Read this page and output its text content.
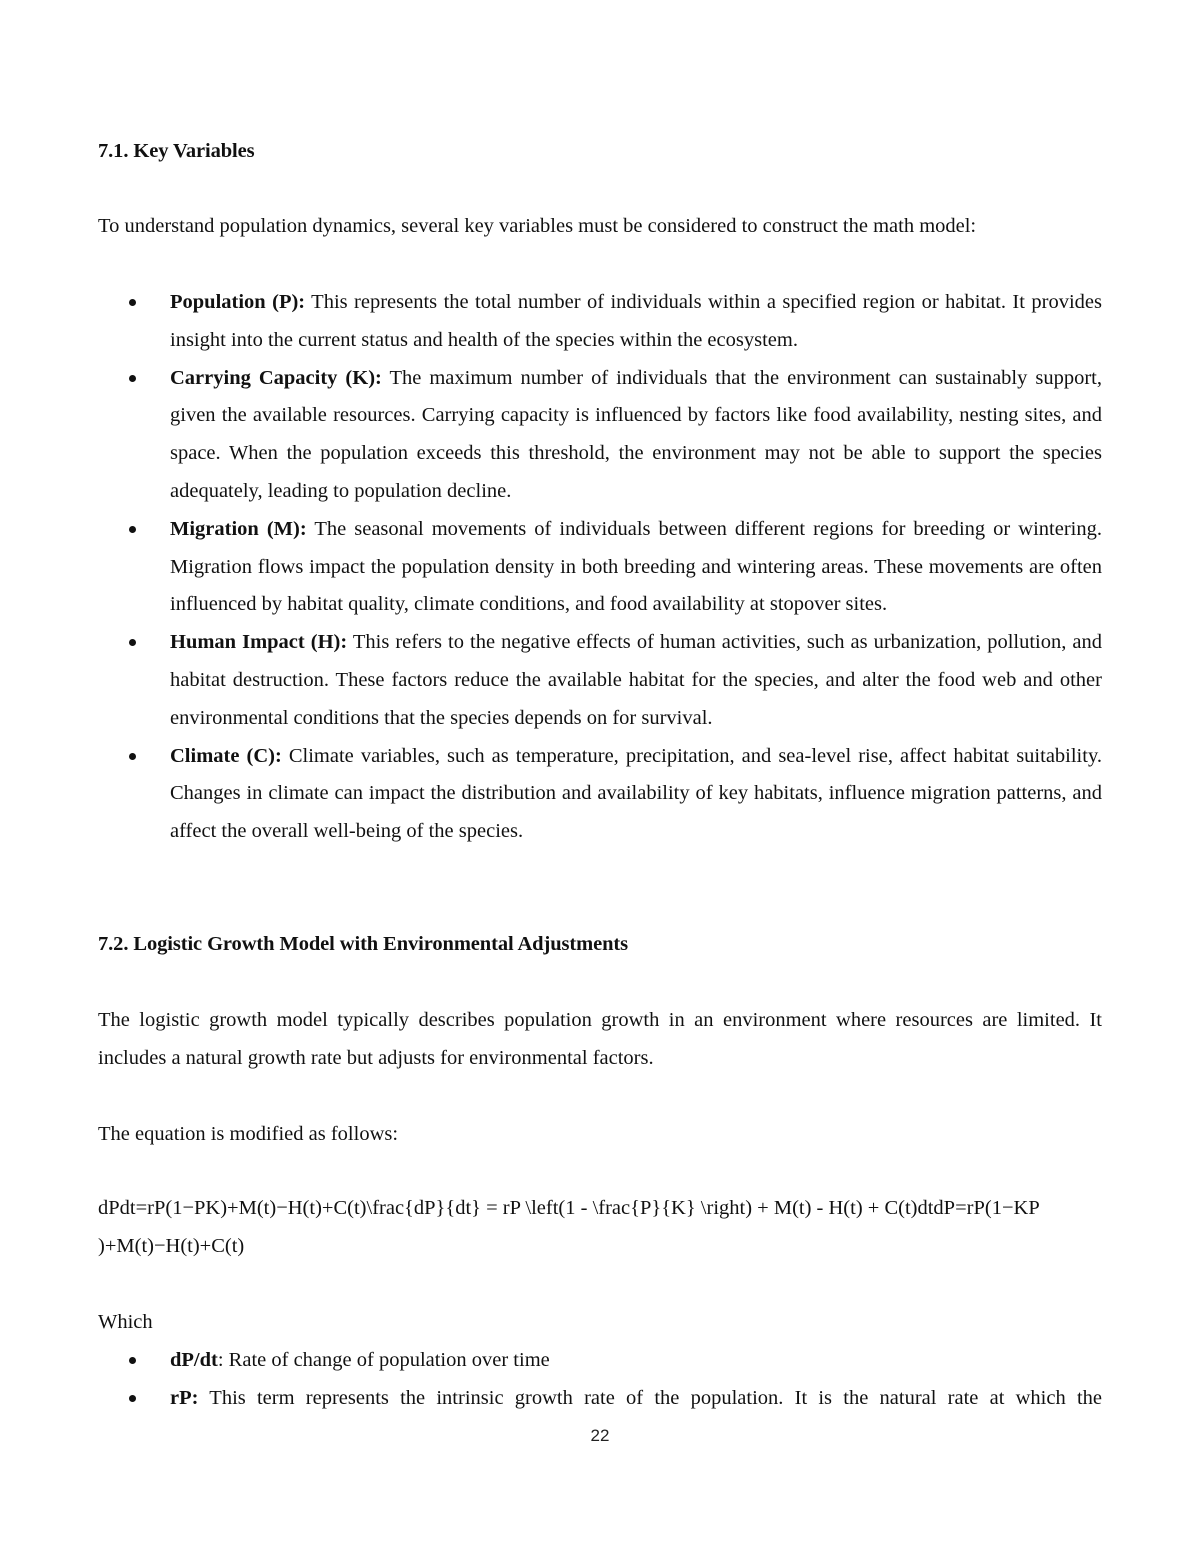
7.1. Key Variables
To understand population dynamics, several key variables must be considered to construct the math model:
Population (P): This represents the total number of individuals within a specified region or habitat. It provides insight into the current status and health of the species within the ecosystem.
Carrying Capacity (K): The maximum number of individuals that the environment can sustainably support, given the available resources. Carrying capacity is influenced by factors like food availability, nesting sites, and space. When the population exceeds this threshold, the environment may not be able to support the species adequately, leading to population decline.
Migration (M): The seasonal movements of individuals between different regions for breeding or wintering. Migration flows impact the population density in both breeding and wintering areas. These movements are often influenced by habitat quality, climate conditions, and food availability at stopover sites.
Human Impact (H): This refers to the negative effects of human activities, such as urbanization, pollution, and habitat destruction. These factors reduce the available habitat for the species, and alter the food web and other environmental conditions that the species depends on for survival.
Climate (C): Climate variables, such as temperature, precipitation, and sea-level rise, affect habitat suitability. Changes in climate can impact the distribution and availability of key habitats, influence migration patterns, and affect the overall well-being of the species.
7.2. Logistic Growth Model with Environmental Adjustments
The logistic growth model typically describes population growth in an environment where resources are limited. It includes a natural growth rate but adjusts for environmental factors.
The equation is modified as follows:
dPdt=rP(1−PK)+M(t)−H(t)+C(t)\frac{dP}{dt} = rP \left(1 - \frac{P}{K} \right) + M(t) - H(t) + C(t)dtdP=rP(1−KP
)+M(t)−H(t)+C(t)
Which
dP/dt: Rate of change of population over time
rP: This term represents the intrinsic growth rate of the population. It is the natural rate at which the
22
